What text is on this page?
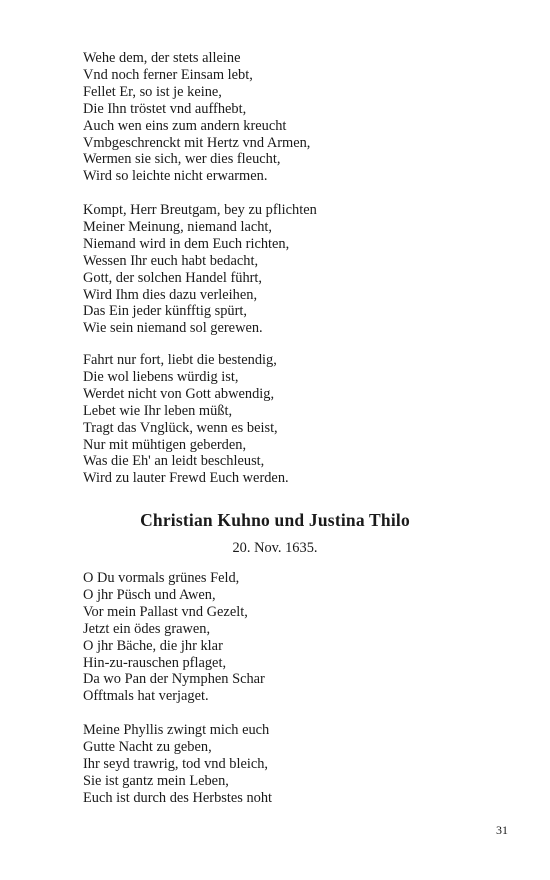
Wehe dem, der stets alleine
Vnd noch ferner Einsam lebt,
Fellet Er, so ist je keine,
Die Ihn tröstet vnd auffhebt,
Auch wen eins zum andern kreucht
Vmbgeschrenckt mit Hertz vnd Armen,
Wermen sie sich, wer dies fleucht,
Wird so leichte nicht erwarmen.
Kompt, Herr Breutgam, bey zu pflichten
Meiner Meinung, niemand lacht,
Niemand wird in dem Euch richten,
Wessen Ihr euch habt bedacht,
Gott, der solchen Handel führt,
Wird Ihm dies dazu verleihen,
Das Ein jeder künfftig spürt,
Wie sein niemand sol gerewen.
Fahrt nur fort, liebt die bestendig,
Die wol liebens würdig ist,
Werdet nicht von Gott abwendig,
Lebet wie Ihr leben müßt,
Tragt das Vnglück, wenn es beist,
Nur mit mühtigen geberden,
Was die Eh' an leidt beschleust,
Wird zu lauter Frewd Euch werden.
Christian Kuhno und Justina Thilo

20. Nov. 1635.

O Du vormals grünes Feld,
O jhr Püsch und Awen,
Vor mein Pallast vnd Gezelt,
Jetzt ein ödes grawen,
O jhr Bäche, die jhr klar
Hin-zu-rauschen pflaget,
Da wo Pan der Nymphen Schar
Offtmals hat verjaget.
Meine Phyllis zwingt mich euch
Gutte Nacht zu geben,
Ihr seyd trawrig, tod vnd bleich,
Sie ist gantz mein Leben,
Euch ist durch des Herbstes noht
31
